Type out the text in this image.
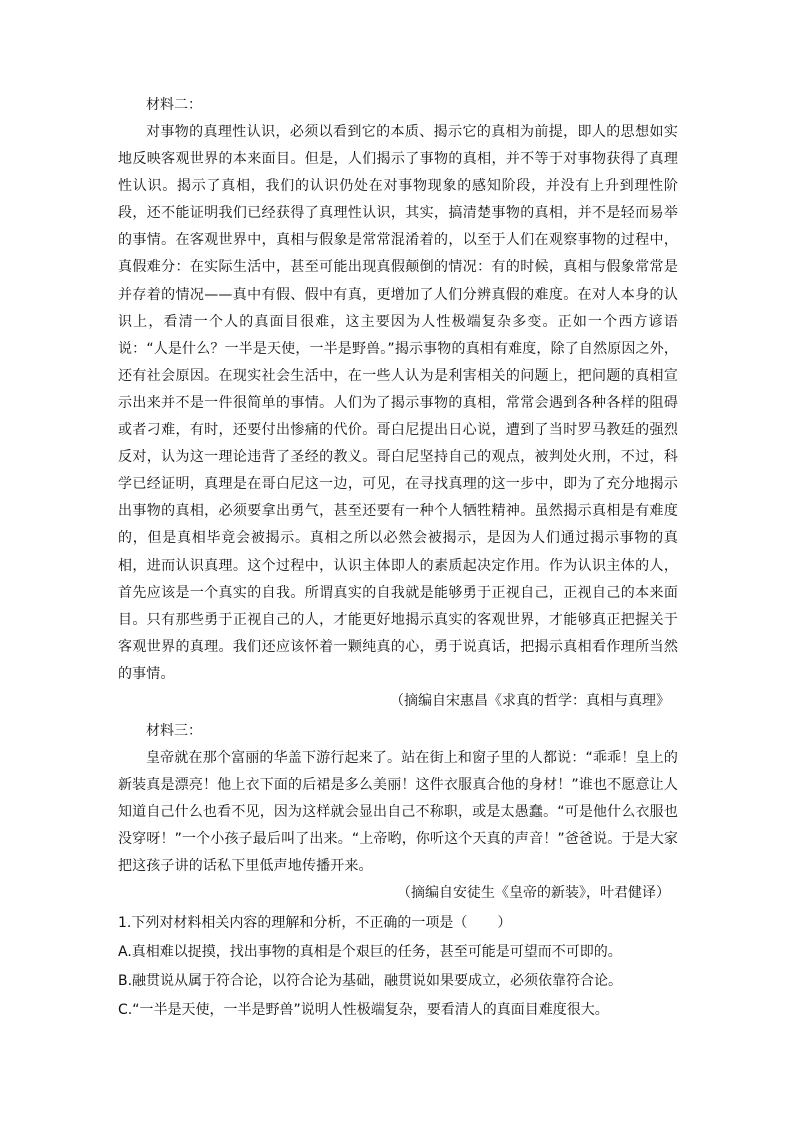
材料二：

对事物的真理性认识，必须以看到它的本质、揭示它的真相为前提，即人的思想如实地反映客观世界的本来面目。但是，人们揭示了事物的真相，并不等于对事物获得了真理性认识。揭示了真相，我们的认识仍处在对事物现象的感知阶段，并没有上升到理性阶段，还不能证明我们已经获得了真理性认识，其实，搞清楚事物的真相，并不是轻而易举的事情。在客观世界中，真相与假象是常常混淆着的，以至于人们在观察事物的过程中，真假难分：在实际生活中，甚至可能出现真假颠倒的情况：有的时候，真相与假象常常是并存着的情况——真中有假、假中有真，更增加了人们分辨真假的难度。在对人本身的认识上，看清一个人的真面目很难，这主要因为人性极端复杂多变。正如一个西方谚语说：“人是什么？一半是天使，一半是野兽。”揭示事物的真相有难度，除了自然原因之外，还有社会原因。在现实社会生活中，在一些人认为是利害相关的问题上，把问题的真相宣示出来并不是一件很简单的事情。人们为了揭示事物的真相，常常会遇到各种各样的阻碍或者刁难，有时，还要付出惨痛的代价。哥白尼提出日心说，遭到了当时罗马教廷的强烈反对，认为这一理论违背了圣经的教义。哥白尼坚持自己的观点，被判处火刑，不过，科学已经证明，真理是在哥白尼这一边，可见，在寻找真理的这一步中，即为了充分地揭示出事物的真相，必须要拿出勇气，甚至还要有一种个人牺牲精神。虽然揭示真相是有难度的，但是真相毕竟会被揭示。真相之所以必然会被揭示，是因为人们通过揭示事物的真相，进而认识真理。这个过程中，认识主体即人的素质起决定作用。作为认识主体的人，首先应该是一个真实的自我。所谓真实的自我就是能够勇于正视自己，正视自己的本来面目。只有那些勇于正视自己的人，才能更好地揭示真实的客观世界，才能够真正把握关于客观世界的真理。我们还应该怀着一颗纯真的心，勇于说真话，把揭示真相看作理所当然的事情。

（摘编自宋惠昌《求真的哲学：真相与真理》

材料三：

皇帝就在那个富丽的华盖下游行起来了。站在街上和窗子里的人都说：“乖乖！皇上的新装真是漂亮！他上衣下面的后裙是多么美丽！这件衣服真合他的身材！”谁也不愿意让人知道自己什么也看不见，因为这样就会显出自己不称职，或是太愚蠢。“可是他什么衣服也没穿呀！”一个小孩子最后叫了出来。“上帝哟，你听这个天真的声音！”爸爸说。于是大家把这孩子讲的话私下里低声地传播开来。

（摘编自安徒生《皇帝的新装》，叶君健译）

1.下列对材料相关内容的理解和分析，不正确的一项是（ ）

A.真相难以捉摸，找出事物的真相是个艰巨的任务，甚至可能是可望而不可即的。

B.融贯说从属于符合论，以符合论为基础，融贯说如果要成立，必须依靠符合论。

C.“一半是天使，一半是野兽”说明人性极端复杂，要看清人的真面目难度很大。
